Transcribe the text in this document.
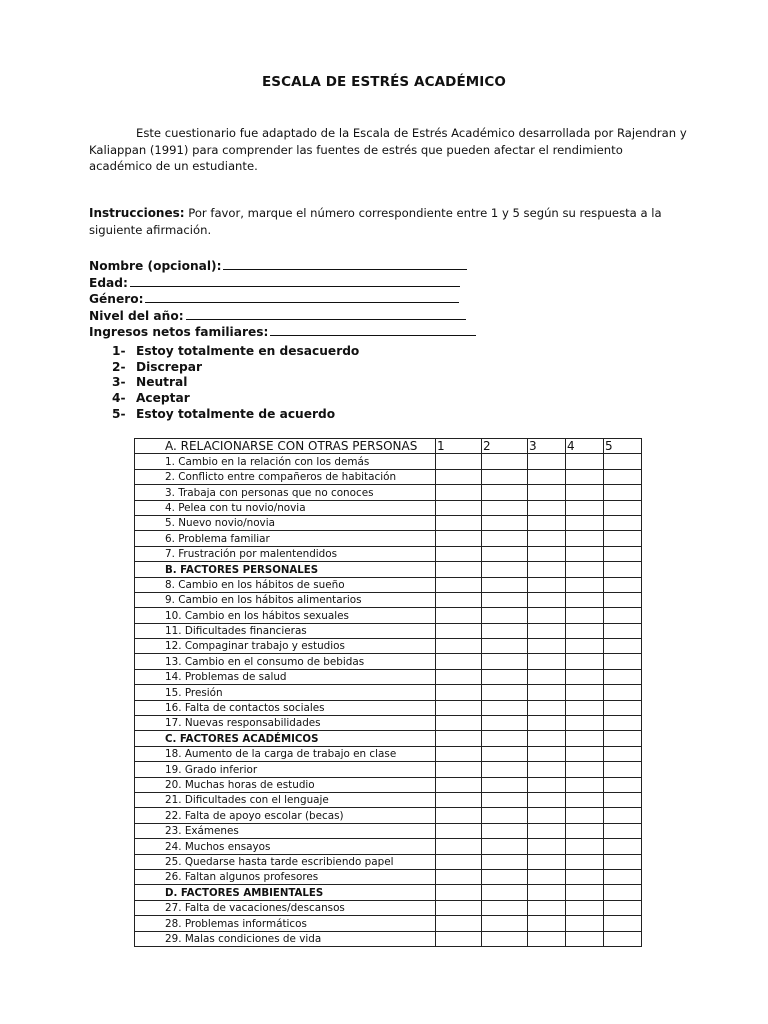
ESCALA DE ESTRÉS ACADÉMICO
Este cuestionario fue adaptado de la Escala de Estrés Académico desarrollada por Rajendran y Kaliappan (1991) para comprender las fuentes de estrés que pueden afectar el rendimiento académico de un estudiante.
Instrucciones: Por favor, marque el número correspondiente entre 1 y 5 según su respuesta a la siguiente afirmación.
Nombre (opcional):
Edad:
Género:
Nivel del año:
Ingresos netos familiares:
1- Estoy totalmente en desacuerdo
2- Discrepar
3- Neutral
4- Aceptar
5- Estoy totalmente de acuerdo
A. RELACIONARSE CON OTRAS PERSONAS	1	2	3	4	5
1. Cambio en la relación con los demás					
2. Conflicto entre compañeros de habitación					
3. Trabaja con personas que no conoces					
4. Pelea con tu novio/novia					
5. Nuevo novio/novia					
6. Problema familiar					
7. Frustración por malentendidos					
B. FACTORES PERSONALES					
8. Cambio en los hábitos de sueño					
9. Cambio en los hábitos alimentarios					
10. Cambio en los hábitos sexuales					
11. Dificultades financieras					
12. Compaginar trabajo y estudios					
13. Cambio en el consumo de bebidas					
14. Problemas de salud					
15. Presión					
16. Falta de contactos sociales					
17. Nuevas responsabilidades					
C. FACTORES ACADÉMICOS					
18. Aumento de la carga de trabajo en clase					
19. Grado inferior					
20. Muchas horas de estudio					
21. Dificultades con el lenguaje					
22. Falta de apoyo escolar (becas)					
23. Exámenes					
24. Muchos ensayos					
25. Quedarse hasta tarde escribiendo papel					
26. Faltan algunos profesores					
D. FACTORES AMBIENTALES					
27. Falta de vacaciones/descansos					
28. Problemas informáticos					
29. Malas condiciones de vida					
